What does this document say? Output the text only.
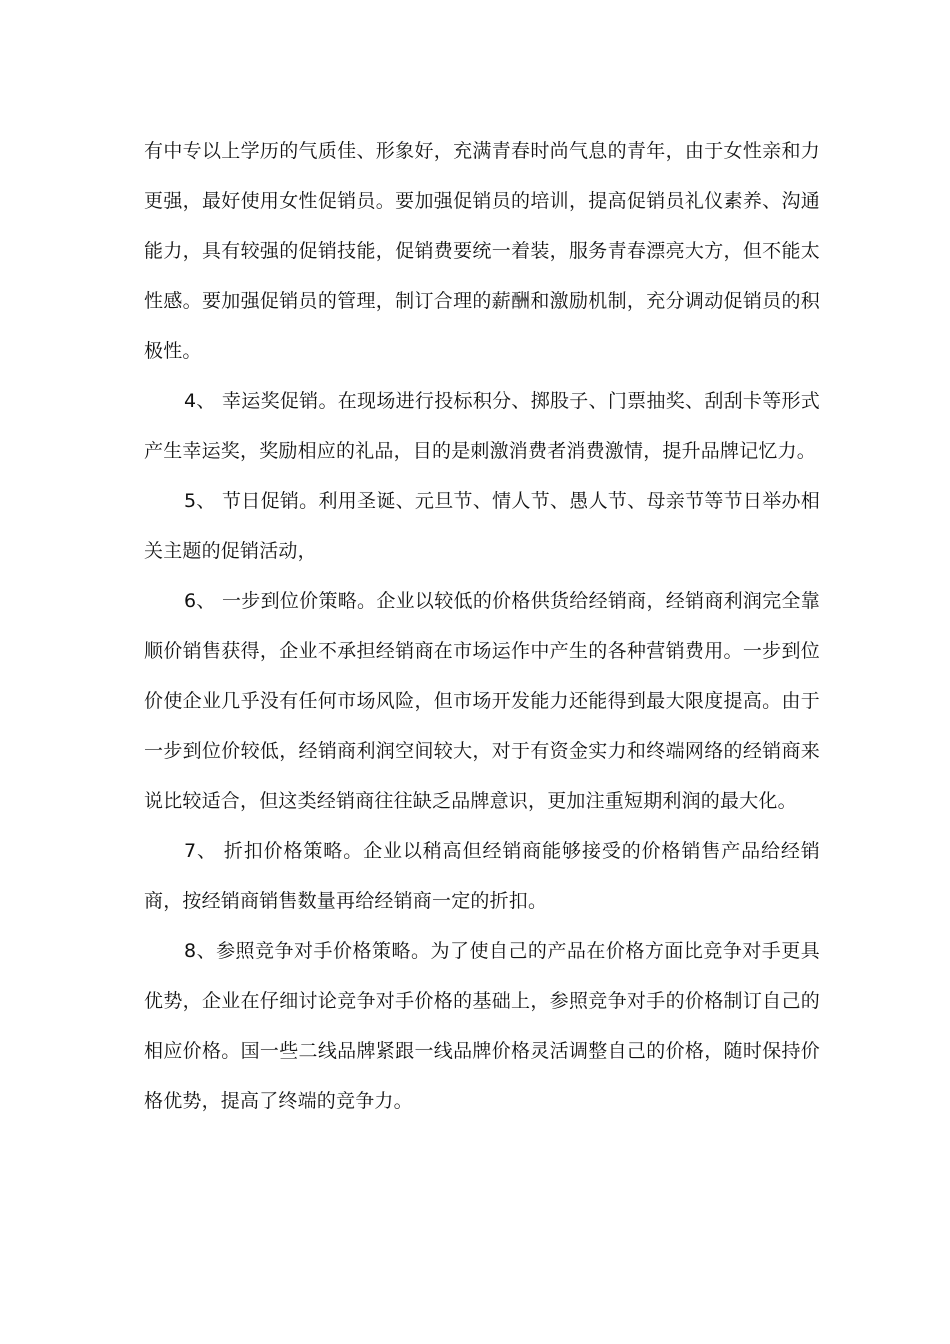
有中专以上学历的气质佳、形象好，充满青春时尚气息的青年，由于女性亲和力更强，最好使用女性促销员。要加强促销员的培训，提高促销员礼仪素养、沟通能力，具有较强的促销技能，促销费要统一着装，服务青春漂亮大方，但不能太性感。要加强促销员的管理，制订合理的薪酬和激励机制，充分调动促销员的积极性。

4、 幸运奖促销。在现场进行投标积分、掷股子、门票抽奖、刮刮卡等形式产生幸运奖，奖励相应的礼品，目的是刺激消费者消费激情，提升品牌记忆力。

5、 节日促销。利用圣诞、元旦节、情人节、愚人节、母亲节等节日举办相关主题的促销活动，

6、 一步到位价策略。企业以较低的价格供货给经销商，经销商利润完全靠顺价销售获得，企业不承担经销商在市场运作中产生的各种营销费用。一步到位价使企业几乎没有任何市场风险，但市场开发能力还能得到最大限度提高。由于一步到位价较低，经销商利润空间较大，对于有资金实力和终端网络的经销商来说比较适合，但这类经销商往往缺乏品牌意识，更加注重短期利润的最大化。

7、 折扣价格策略。企业以稍高但经销商能够接受的价格销售产品给经销商，按经销商销售数量再给经销商一定的折扣。

8、参照竞争对手价格策略。为了使自己的产品在价格方面比竞争对手更具优势，企业在仔细讨论竞争对手价格的基础上，参照竞争对手的价格制订自己的相应价格。国一些二线品牌紧跟一线品牌价格灵活调整自己的价格，随时保持价格优势，提高了终端的竞争力。
